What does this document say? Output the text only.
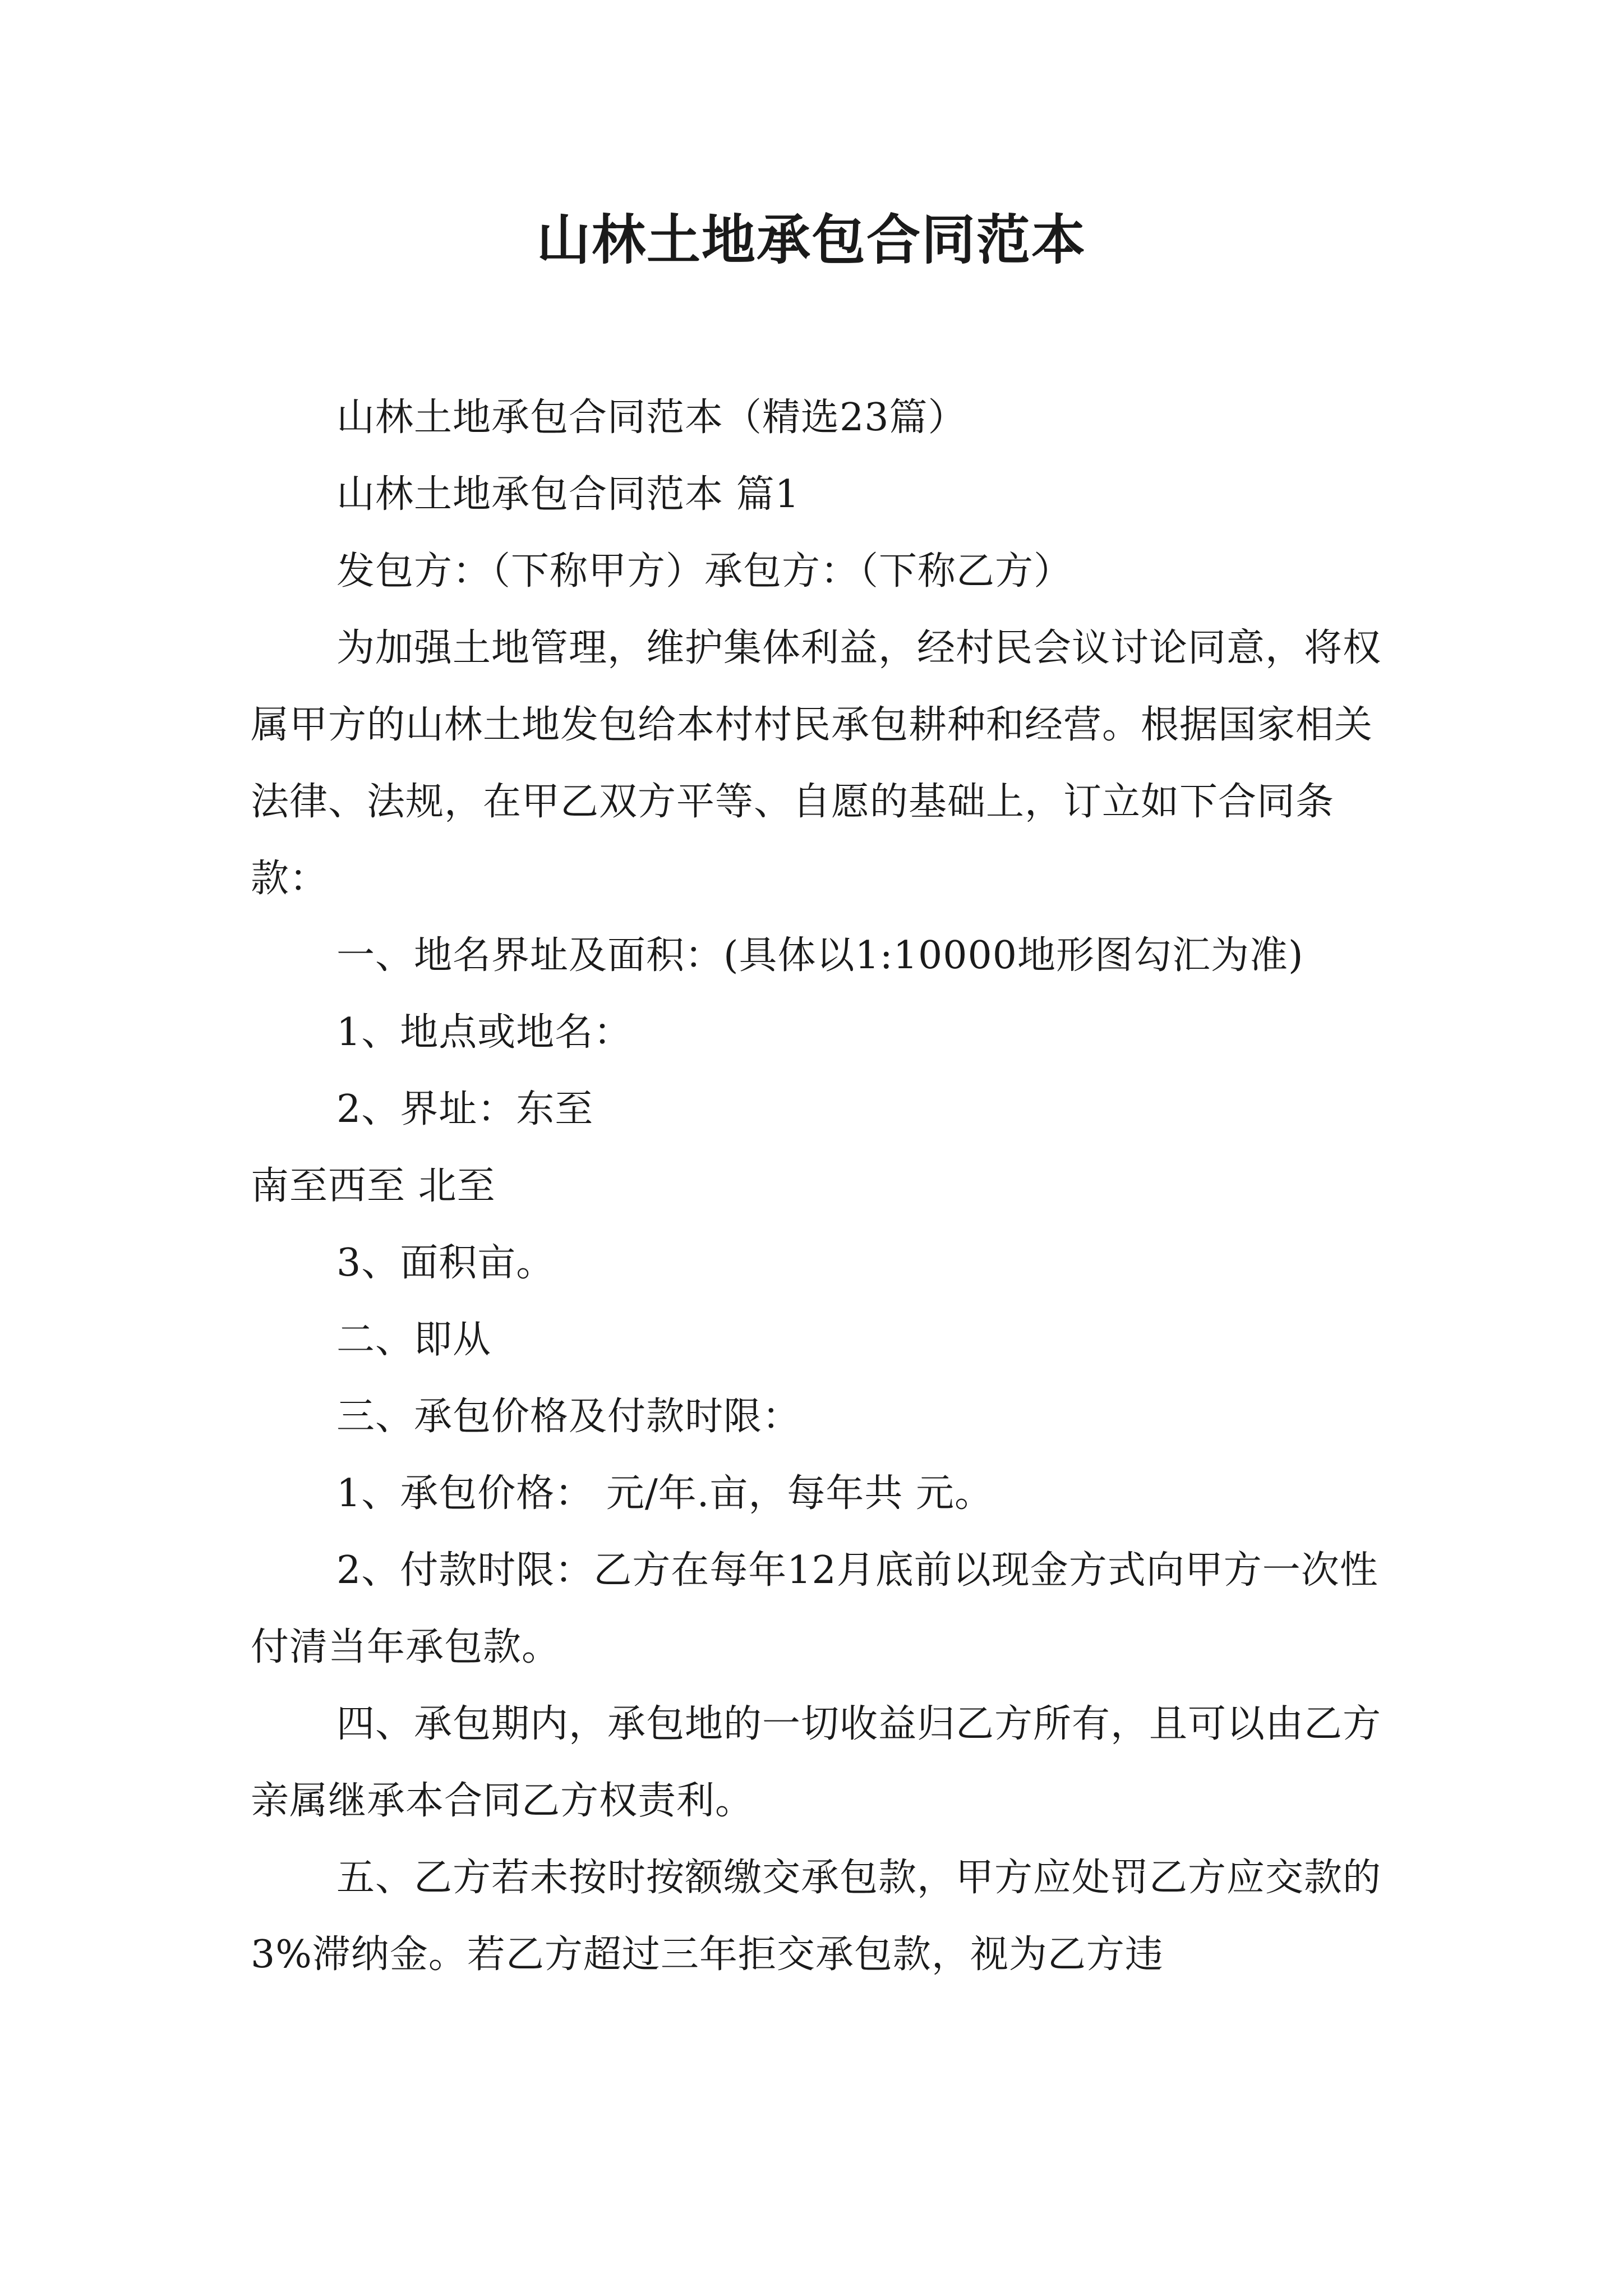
山林土地承包合同范本

山林土地承包合同范本（精选23篇）

山林土地承包合同范本 篇1

发包方：（下称甲方）承包方：（下称乙方）

为加强土地管理，维护集体利益，经村民会议讨论同意，将权属甲方的山林土地发包给本村村民承包耕种和经营。根据国家相关法律、法规，在甲乙双方平等、自愿的基础上，订立如下合同条款：

一、地名界址及面积：(具体以1:10000地形图勾汇为准)

1、地点或地名：

2、界址：东至

南至西至 北至

3、面积亩。

二、即从

三、承包价格及付款时限：

1、承包价格： 元/年.亩，每年共 元。

2、付款时限：乙方在每年12月底前以现金方式向甲方一次性付清当年承包款。

四、承包期内，承包地的一切收益归乙方所有，且可以由乙方亲属继承本合同乙方权责利。

五、乙方若未按时按额缴交承包款，甲方应处罚乙方应交款的3%滞纳金。若乙方超过三年拒交承包款，视为乙方违
